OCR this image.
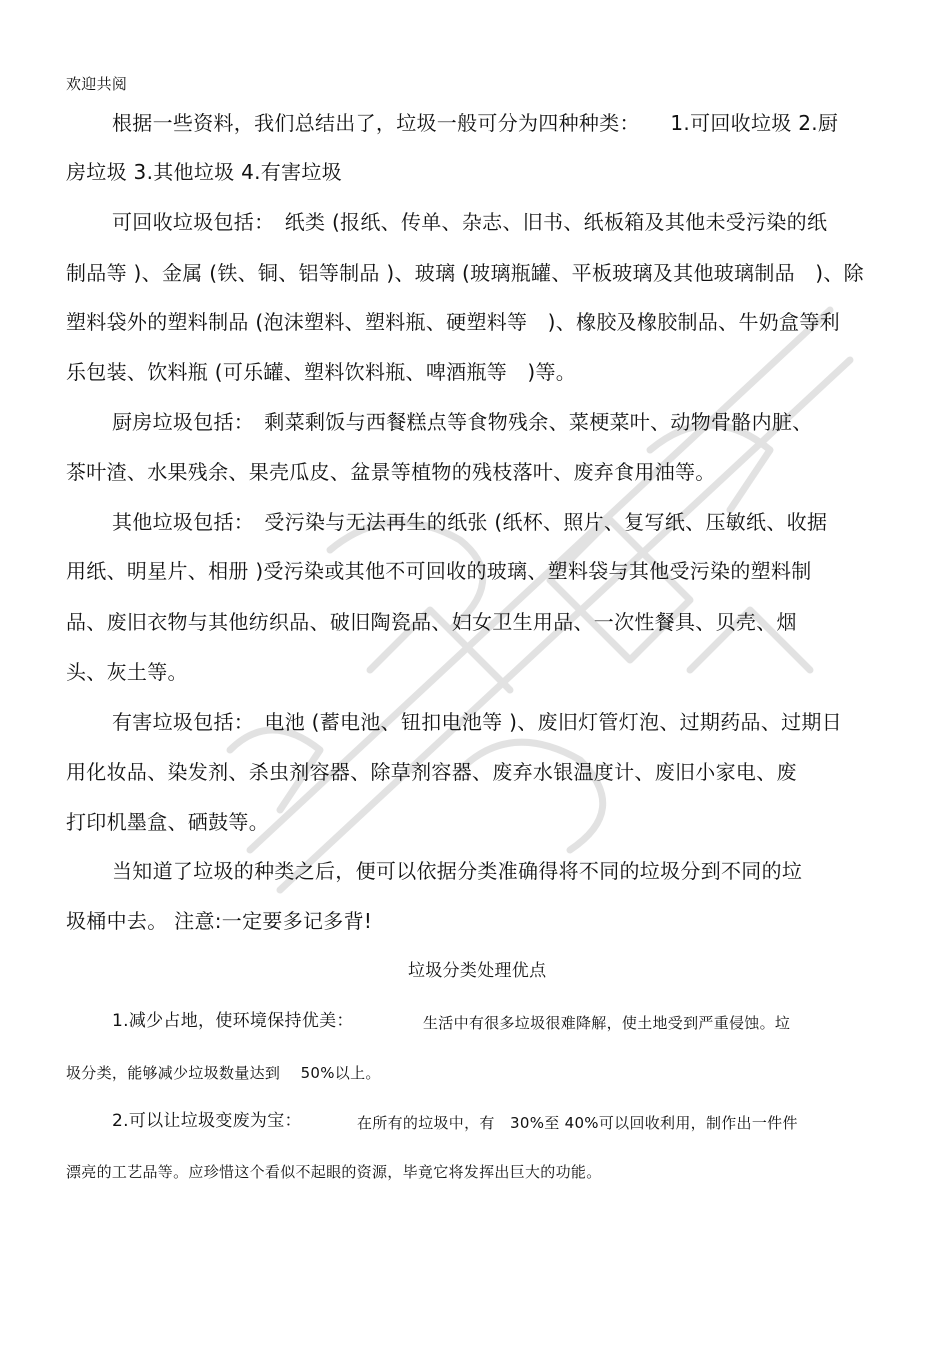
欢迎共阅
根据一些资料，我们总结出了，垃圾一般可分为四种种类：　　1.可回收垃圾 2.厨
房垃圾 3.其他垃圾 4.有害垃圾
可回收垃圾包括：　纸类 (报纸、传单、杂志、旧书、纸板箱及其他未受污染的纸
制品等 )、金属 (铁、铜、铝等制品 )、玻璃 (玻璃瓶罐、平板玻璃及其他玻璃制品　)、除
塑料袋外的塑料制品 (泡沫塑料、塑料瓶、硬塑料等　)、橡胶及橡胶制品、牛奶盒等利
乐包装、饮料瓶 (可乐罐、塑料饮料瓶、啤酒瓶等　)等。
厨房垃圾包括：　剩菜剩饭与西餐糕点等食物残余、菜梗菜叶、动物骨骼内脏、
茶叶渣、水果残余、果壳瓜皮、盆景等植物的残枝落叶、废弃食用油等。
其他垃圾包括：　受污染与无法再生的纸张 (纸杯、照片、复写纸、压敏纸、收据
用纸、明星片、相册 )受污染或其他不可回收的玻璃、塑料袋与其他受污染的塑料制
品、废旧衣物与其他纺织品、破旧陶瓷品、妇女卫生用品、一次性餐具、贝壳、烟
头、灰土等。
有害垃圾包括：　电池 (蓄电池、钮扣电池等 )、废旧灯管灯泡、过期药品、过期日
用化妆品、染发剂、杀虫剂容器、除草剂容器、废弃水银温度计、废旧小家电、废
打印机墨盒、硒鼓等。
当知道了垃圾的种类之后，便可以依据分类准确得将不同的垃圾分到不同的垃
圾桶中去。 注意:一定要多记多背!
垃圾分类处理优点
1.减少占地，使环境保持优美：	生活中有很多垃圾很难降解，使土地受到严重侵蚀。垃
圾分类，能够减少垃圾数量达到　 50%以上。
2.可以让垃圾变废为宝：	在所有的垃圾中，有　30%至 40%可以回收利用，制作出一件件
漂亮的工艺品等。应珍惜这个看似不起眼的资源，毕竟它将发挥出巨大的功能。
